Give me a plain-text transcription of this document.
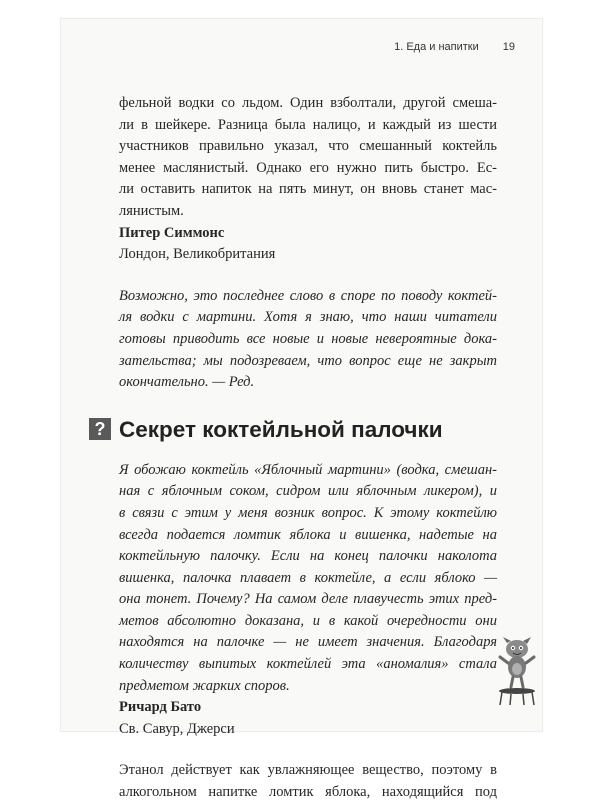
1. Еда и напитки 19
фельной водки со льдом. Один взболтали, другой смеша-
ли в шейкере. Разница была налицо, и каждый из шести
участников правильно указал, что смешанный коктейль
менее маслянистый. Однако его нужно пить быстро. Ес-
ли оставить напиток на пять минут, он вновь станет мас-
лянистым.
Питер Симмонс
Лондон, Великобритания
Возможно, это последнее слово в споре по поводу коктей-
ля водки с мартини. Хотя я знаю, что наши читатели
готовы приводить все новые и новые невероятные дока-
зательства; мы подозреваем, что вопрос еще не закрыт
окончательно. — Ред.
? Секрет коктейльной палочки
Я обожаю коктейль «Яблочный мартини» (водка, смешан-
ная с яблочным соком, сидром или яблочным ликером), и
в связи с этим у меня возник вопрос. К этому коктейлю
всегда подается ломтик яблока и вишенка, надетые на
коктейльную палочку. Если на конец палочки наколота
вишенка, палочка плавает в коктейле, а если яблоко —
она тонет. Почему? На самом деле плавучесть этих пред-
метов абсолютно доказана, и в какой очередности они
находятся на палочке — не имеет значения. Благодаря
количеству выпитых коктейлей эта «аномалия» стала
предметом жарких споров.
Ричард Бато
Св. Савур, Джерси
Этанол действует как увлажняющее вещество, поэтому в
алкогольном напитке ломтик яблока, находящийся под
